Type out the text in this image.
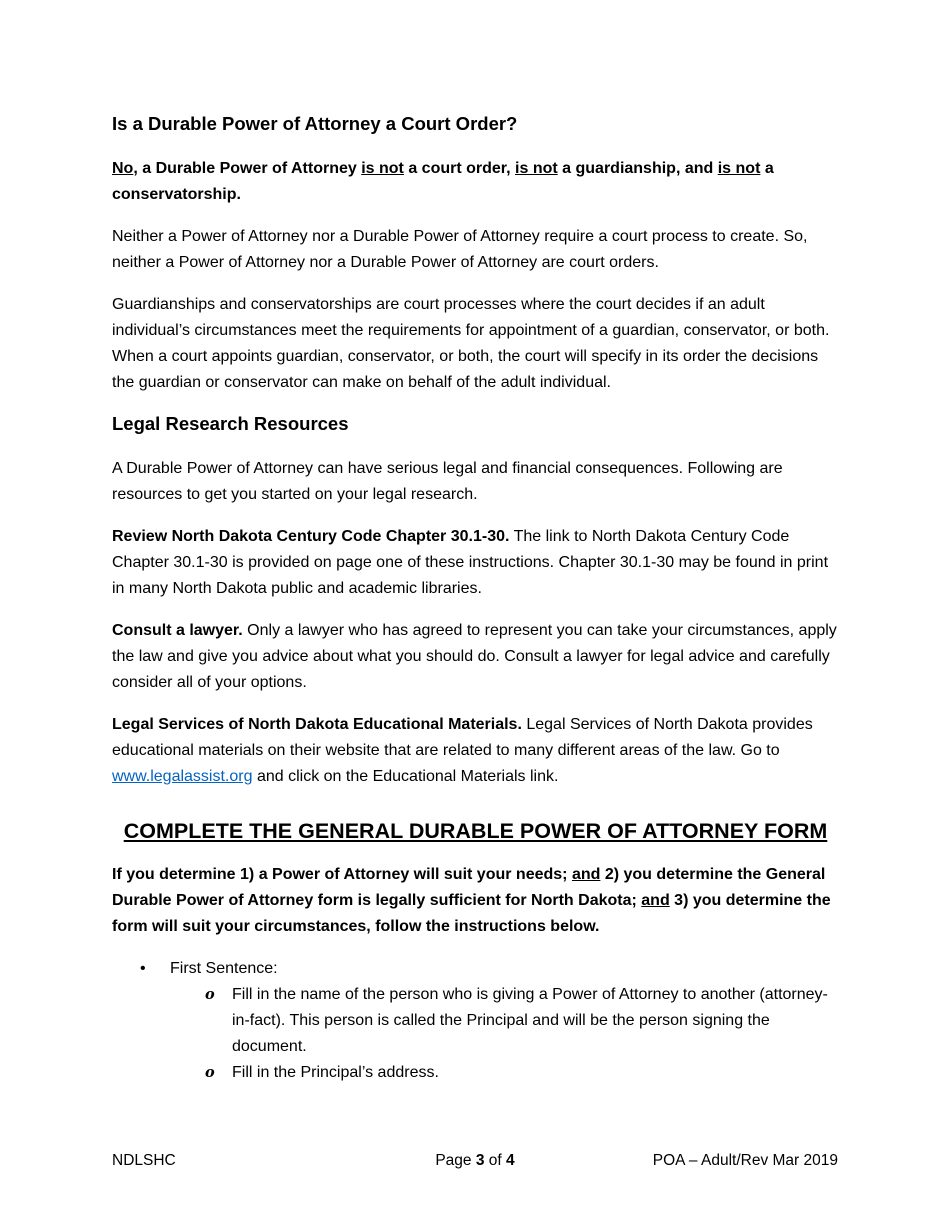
Is a Durable Power of Attorney a Court Order?

No, a Durable Power of Attorney is not a court order, is not a guardianship, and is not a conservatorship.

Neither a Power of Attorney nor a Durable Power of Attorney require a court process to create. So, neither a Power of Attorney nor a Durable Power of Attorney are court orders.

Guardianships and conservatorships are court processes where the court decides if an adult individual’s circumstances meet the requirements for appointment of a guardian, conservator, or both. When a court appoints guardian, conservator, or both, the court will specify in its order the decisions the guardian or conservator can make on behalf of the adult individual.

Legal Research Resources

A Durable Power of Attorney can have serious legal and financial consequences. Following are resources to get you started on your legal research.

Review North Dakota Century Code Chapter 30.1-30. The link to North Dakota Century Code Chapter 30.1-30 is provided on page one of these instructions. Chapter 30.1-30 may be found in print in many North Dakota public and academic libraries.

Consult a lawyer. Only a lawyer who has agreed to represent you can take your circumstances, apply the law and give you advice about what you should do. Consult a lawyer for legal advice and carefully consider all of your options.

Legal Services of North Dakota Educational Materials. Legal Services of North Dakota provides educational materials on their website that are related to many different areas of the law. Go to www.legalassist.org and click on the Educational Materials link.

COMPLETE THE GENERAL DURABLE POWER OF ATTORNEY FORM

If you determine 1) a Power of Attorney will suit your needs; and 2) you determine the General Durable Power of Attorney form is legally sufficient for North Dakota; and 3) you determine the form will suit your circumstances, follow the instructions below.

•	First Sentence:
o	Fill in the name of the person who is giving a Power of Attorney to another (attorney-in-fact). This person is called the Principal and will be the person signing the document.
o	Fill in the Principal’s address.
NDLSHC	Page 3 of 4	POA – Adult/Rev Mar 2019
